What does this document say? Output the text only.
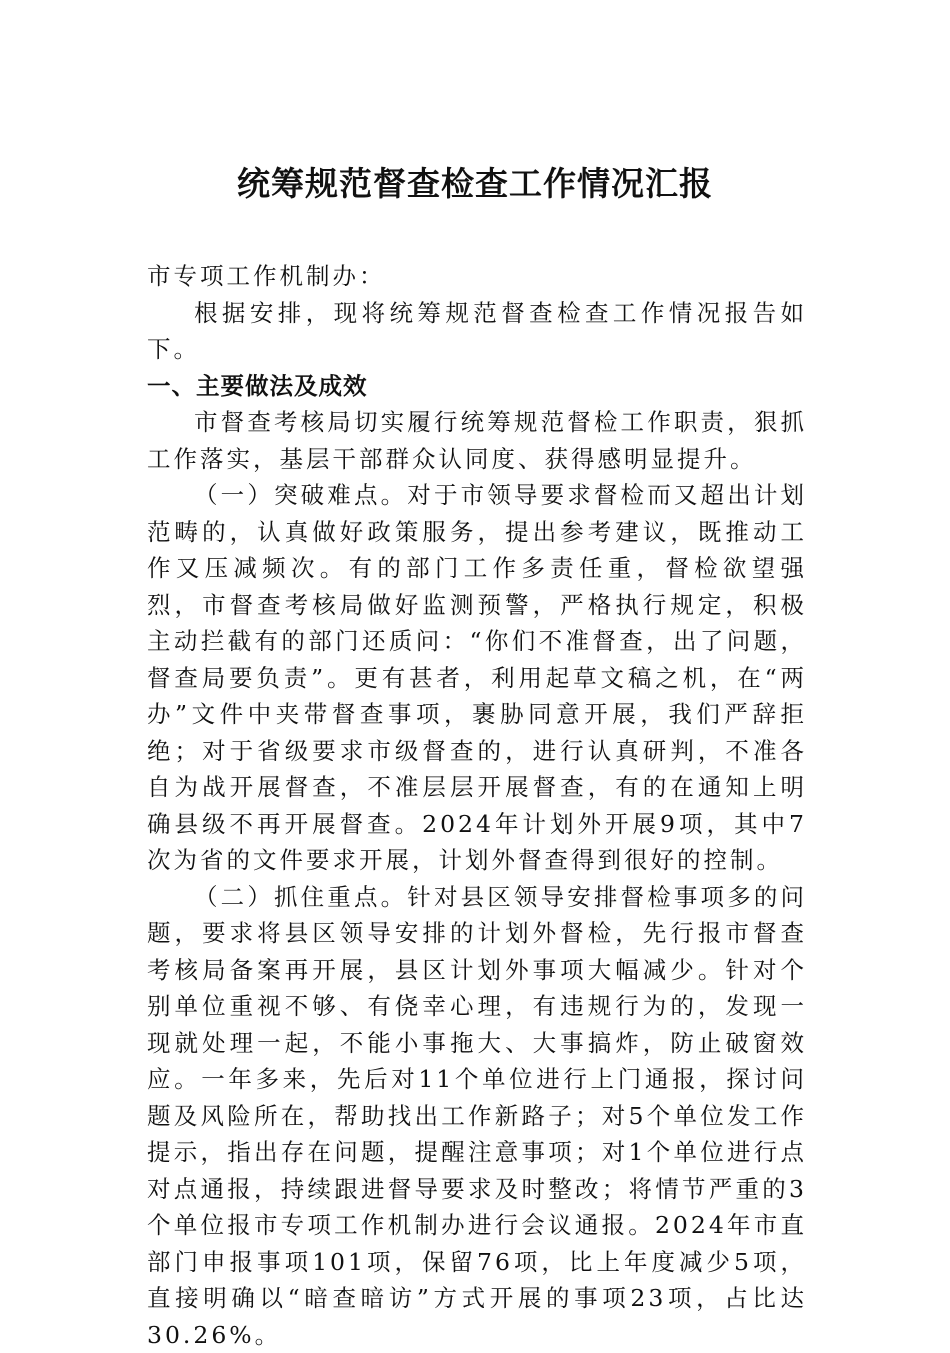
统筹规范督查检查工作情况汇报

市专项工作机制办：

根据安排，现将统筹规范督查检查工作情况报告如下。

一、主要做法及成效

市督查考核局切实履行统筹规范督检工作职责，狠抓工作落实，基层干部群众认同度、获得感明显提升。

（一）突破难点。对于市领导要求督检而又超出计划范畴的，认真做好政策服务，提出参考建议，既推动工作又压减频次。有的部门工作多责任重，督检欲望强烈，市督查考核局做好监测预警，严格执行规定，积极主动拦截有的部门还质问：“你们不准督查，出了问题，督查局要负责”。更有甚者，利用起草文稿之机，在“两办”文件中夹带督查事项，裹胁同意开展，我们严辞拒绝；对于省级要求市级督查的，进行认真研判，不准各自为战开展督查，不准层层开展督查，有的在通知上明确县级不再开展督查。2024年计划外开展9项，其中7次为省的文件要求开展，计划外督查得到很好的控制。

（二）抓住重点。针对县区领导安排督检事项多的问题，要求将县区领导安排的计划外督检，先行报市督查考核局备案再开展，县区计划外事项大幅减少。针对个别单位重视不够、有侥幸心理，有违规行为的，发现一现就处理一起，不能小事拖大、大事搞炸，防止破窗效应。一年多来，先后对11个单位进行上门通报，探讨问题及风险所在，帮助找出工作新路子；对5个单位发工作提示，指出存在问题，提醒注意事项；对1个单位进行点对点通报，持续跟进督导要求及时整改；将情节严重的3个单位报市专项工作机制办进行会议通报。2024年市直部门申报事项101项，保留76项，比上年度减少5项，直接明确以“暗查暗访”方式开展的事项23项，占比达30.26%。
